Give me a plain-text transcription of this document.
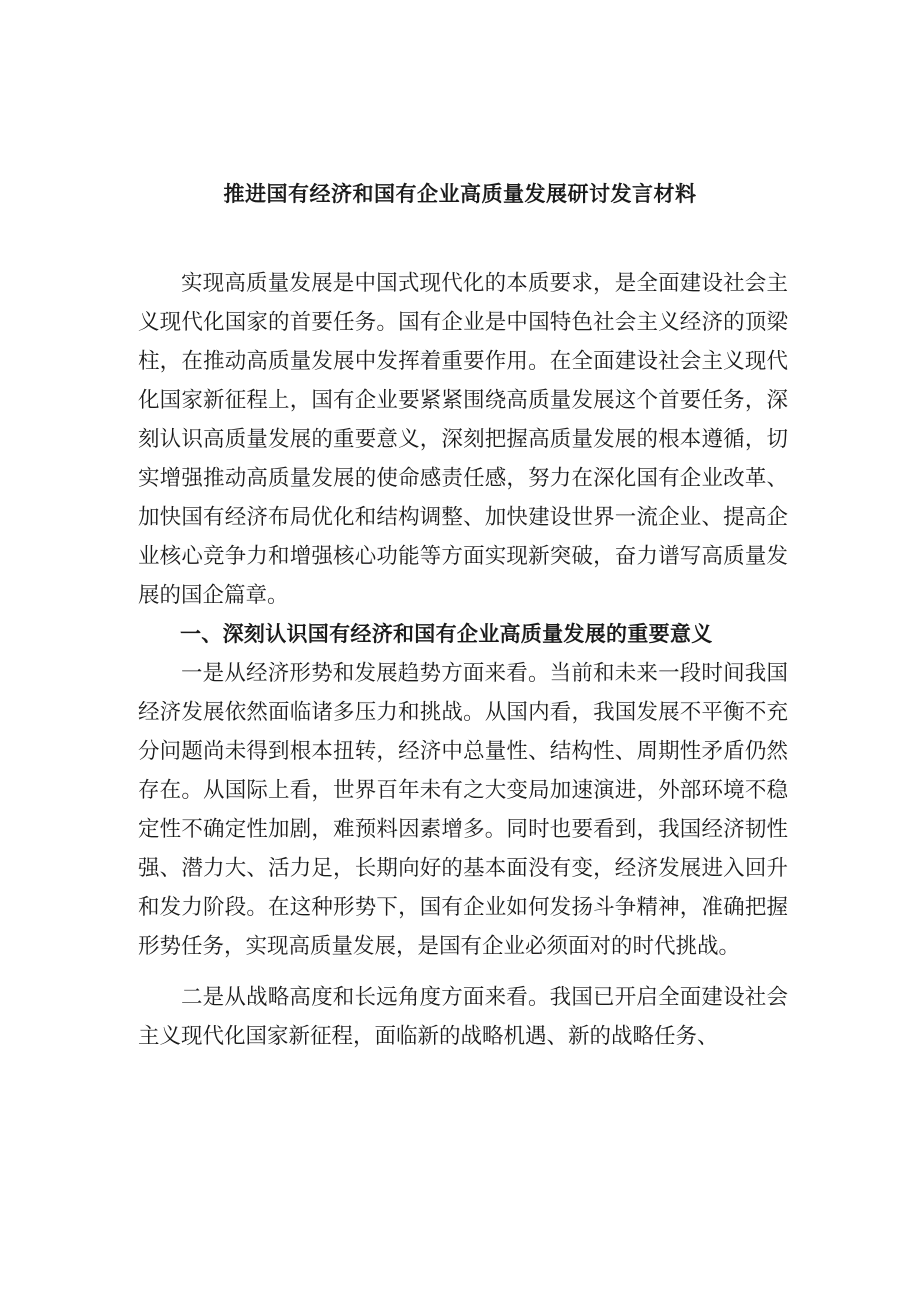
推进国有经济和国有企业高质量发展研讨发言材料

实现高质量发展是中国式现代化的本质要求，是全面建设社会主义现代化国家的首要任务。国有企业是中国特色社会主义经济的顶梁柱，在推动高质量发展中发挥着重要作用。在全面建设社会主义现代化国家新征程上，国有企业要紧紧围绕高质量发展这个首要任务，深刻认识高质量发展的重要意义，深刻把握高质量发展的根本遵循，切实增强推动高质量发展的使命感责任感，努力在深化国有企业改革、加快国有经济布局优化和结构调整、加快建设世界一流企业、提高企业核心竞争力和增强核心功能等方面实现新突破，奋力谱写高质量发展的国企篇章。

一、深刻认识国有经济和国有企业高质量发展的重要意义

一是从经济形势和发展趋势方面来看。当前和未来一段时间我国经济发展依然面临诸多压力和挑战。从国内看，我国发展不平衡不充分问题尚未得到根本扭转，经济中总量性、结构性、周期性矛盾仍然存在。从国际上看，世界百年未有之大变局加速演进，外部环境不稳定性不确定性加剧，难预料因素增多。同时也要看到，我国经济韧性强、潜力大、活力足，长期向好的基本面没有变，经济发展进入回升和发力阶段。在这种形势下，国有企业如何发扬斗争精神，准确把握形势任务，实现高质量发展，是国有企业必须面对的时代挑战。

二是从战略高度和长远角度方面来看。我国已开启全面建设社会主义现代化国家新征程，面临新的战略机遇、新的战略任务、
